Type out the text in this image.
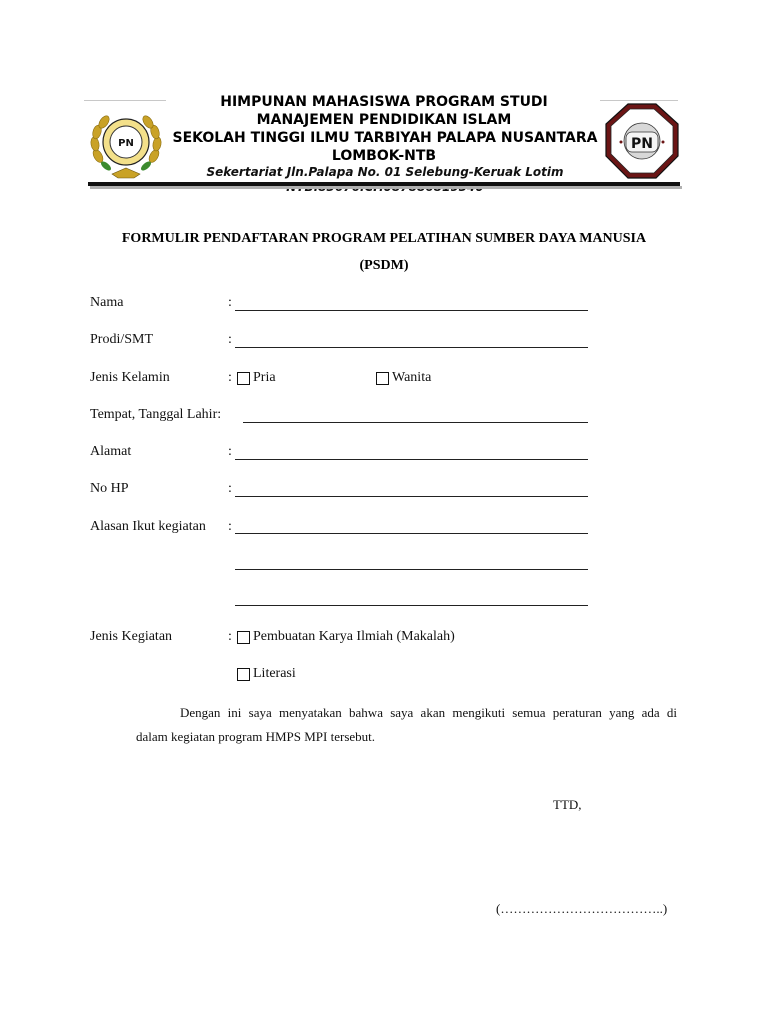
PN	PN
HIMPUNAN MAHASISWA PROGRAM STUDI
MANAJEMEN PENDIDIKAN ISLAM
SEKOLAH TINGGI ILMU TARBIYAH PALAPA NUSANTARA
LOMBOK-NTB
Sekertariat Jln.Palapa No. 01 Selebung-Keruak Lotim
FORMULIR PENDAFTARAN PROGRAM PELATIHAN SUMBER DAYA MANUSIA
(PSDM)
Nama	:
Prodi/SMT	:
Jenis Kelamin	: Pria	Wanita
Tempat, Tanggal Lahir:
Alamat	:
No HP	:
Alasan Ikut kegiatan :
Jenis Kegiatan	: Pembuatan Karya Ilmiah (Makalah)
Literasi
Dengan ini saya menyatakan bahwa saya akan mengikuti semua peraturan yang ada di
dalam kegiatan program HMPS MPI tersebut.
TTD,
(………………………………..)
